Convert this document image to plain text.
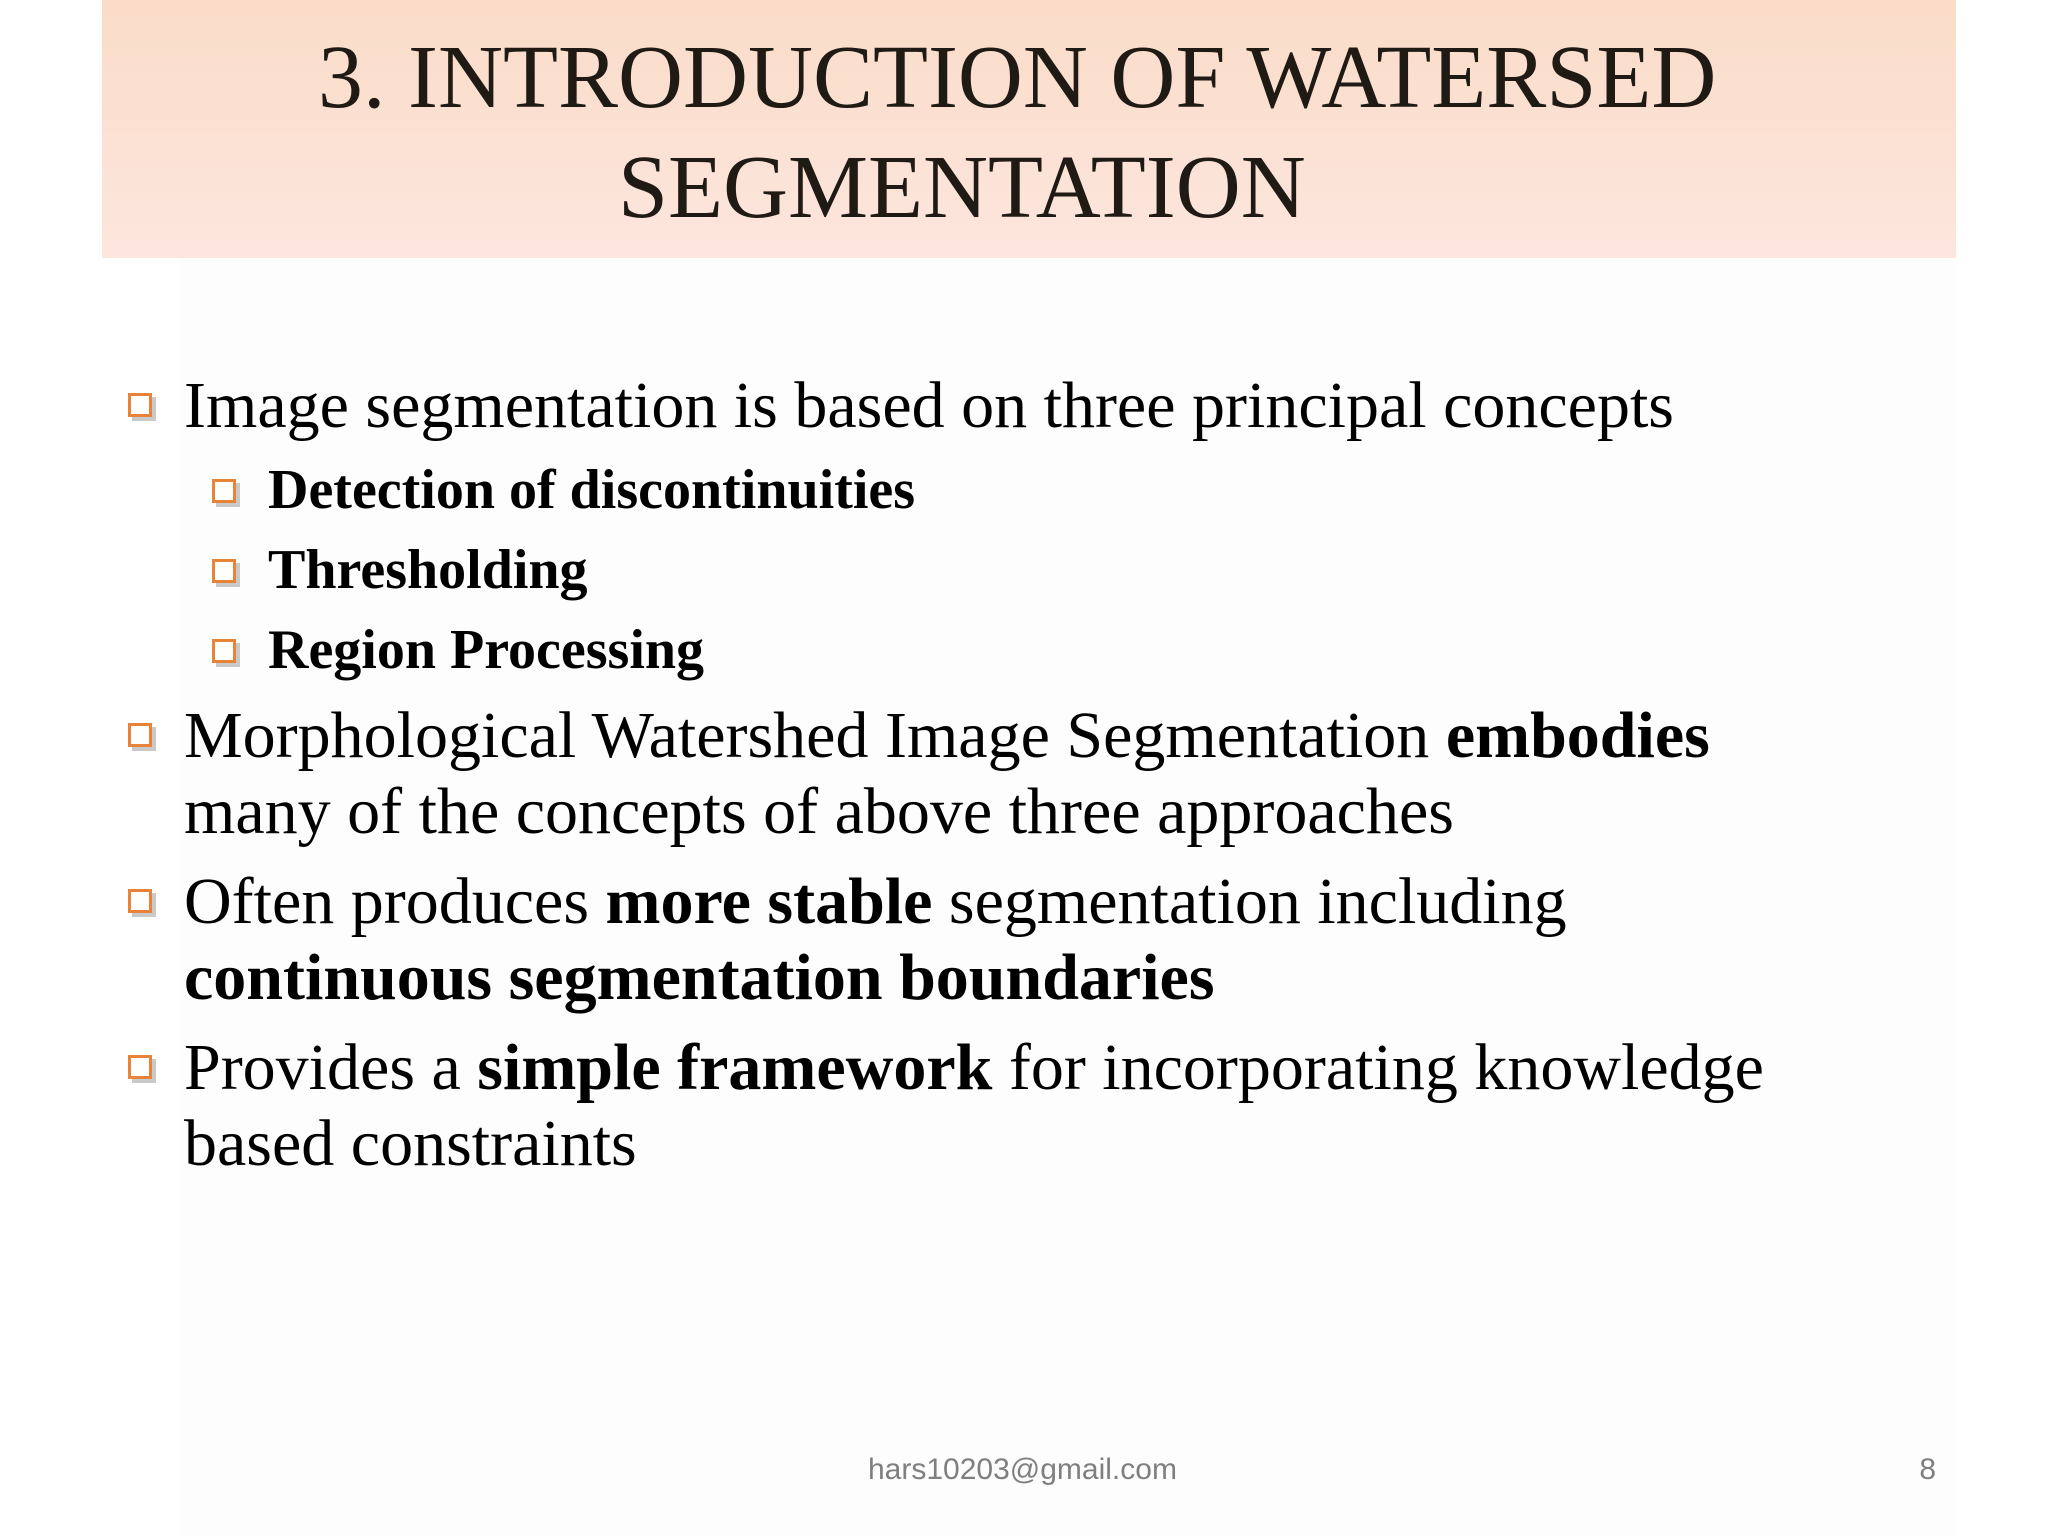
3. INTRODUCTION OF WATERSED
SEGMENTATION
Image segmentation is based on three principal concepts
Detection of discontinuities
Thresholding
Region Processing
Morphological Watershed Image Segmentation embodies
many of the concepts of above three approaches
Often produces more stable segmentation including
continuous segmentation boundaries
Provides a simple framework for incorporating knowledge
based constraints
hars10203@gmail.com	8
